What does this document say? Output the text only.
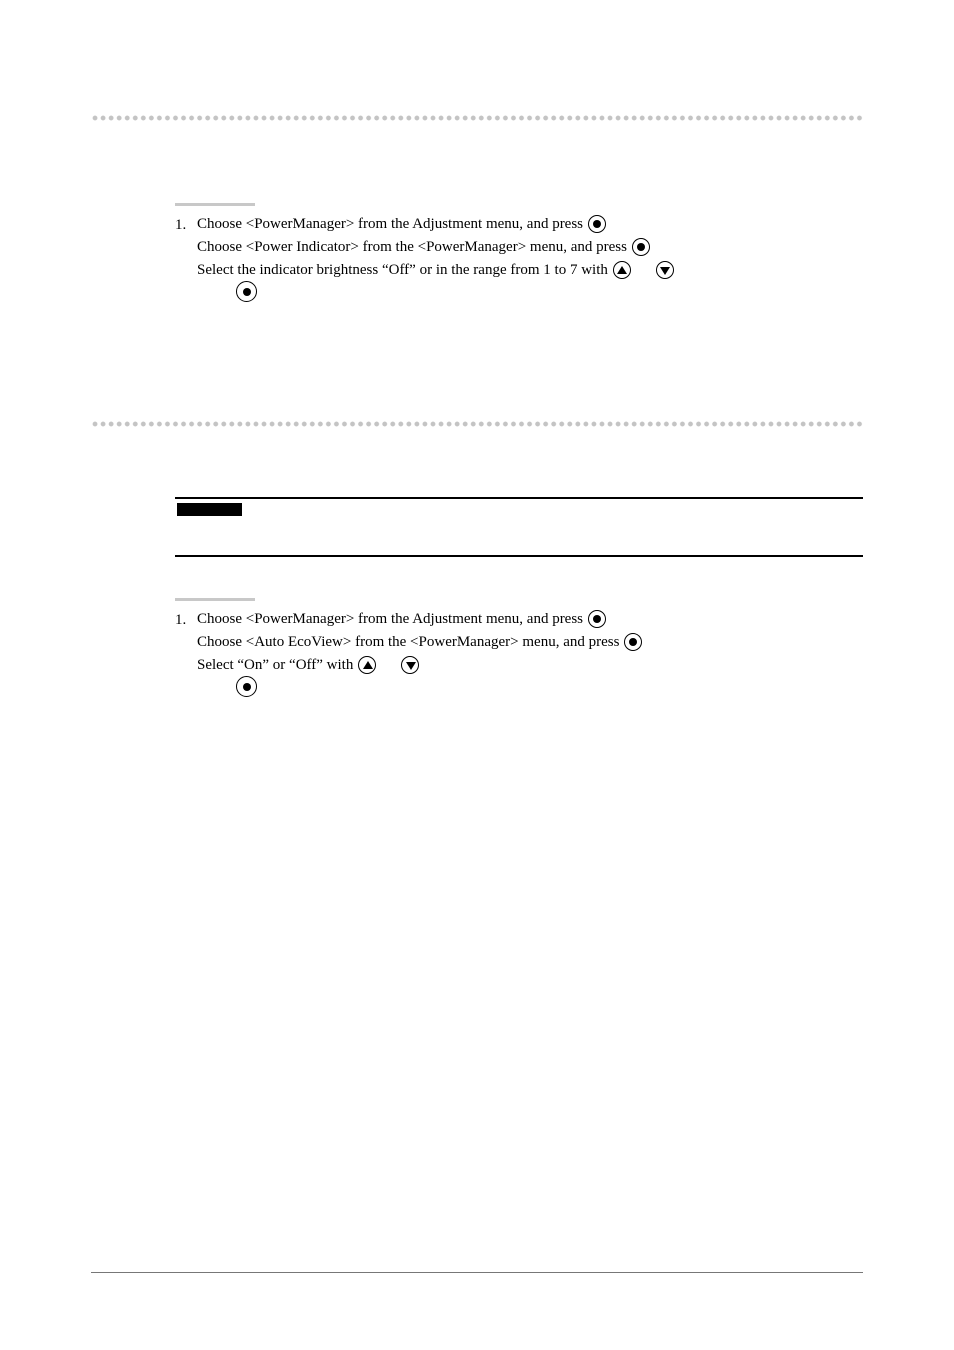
1. Choose <PowerManager> from the Adjustment menu, and press
Choose <Power Indicator> from the <PowerManager> menu, and press
Select the indicator brightness “Off” or in the range from 1 to 7 with
1. Choose <PowerManager> from the Adjustment menu, and press
Choose <Auto EcoView> from the <PowerManager> menu, and press
Select “On” or “Off” with
